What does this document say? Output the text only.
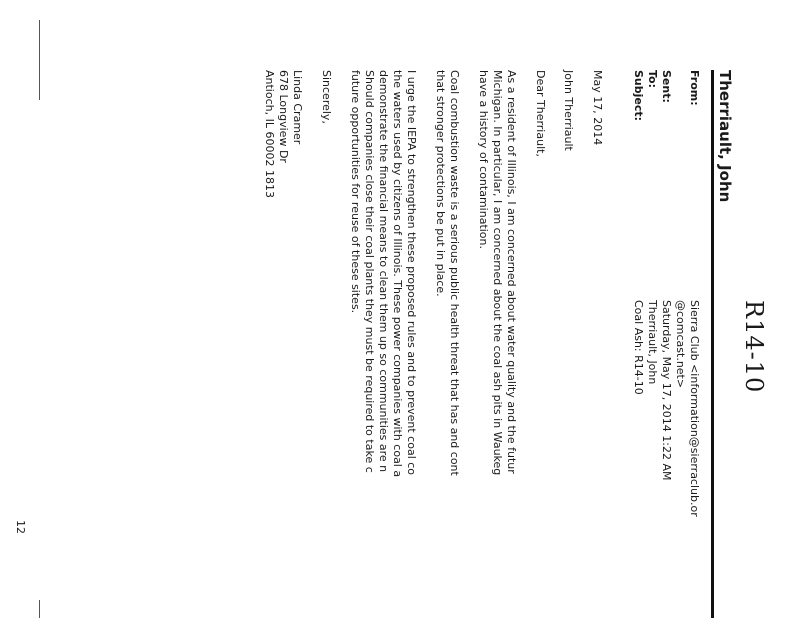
R14-10
Therriault, John
From:
Sierra Club <information@sierraclub.or
@comcast.net>
Sent:
Saturday, May 17, 2014 1:22 AM
To:
Therriault, John
Subject:
Coal Ash: R14-10
May 17, 2014
John Therriault
Dear Therriault,
As a resident of Illinois, I am concerned about water quality and the futur
Michigan. In particular, I am concerned about the coal ash pits in Waukeg
have a history of contamination.
Coal combustion waste is a serious public health threat that has and cont
that stronger protections be put in place.
I urge the IEPA to strengthen these proposed rules and to prevent coal co
the waters used by citizens of Illinois. These power companies with coal a
demonstrate the financial means to clean them up so communities are n
Should companies close their coal plants they must be required to take c
future opportunities for reuse of these sites.
Sincerely,
Linda Cramer
678 Longview Dr
Antioch, IL 60002 1813
12
